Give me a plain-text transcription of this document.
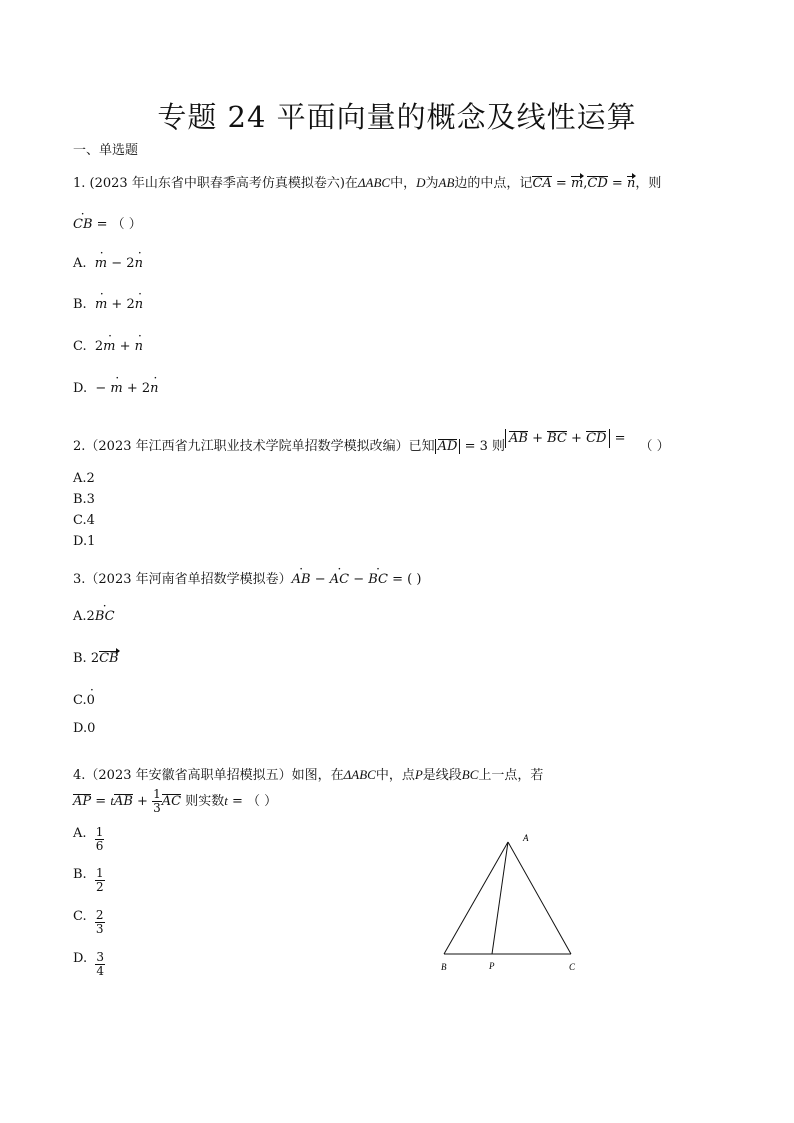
专题 24 平面向量的概念及线性运算
一、单选题
1. (2023 年山东省中职春季高考仿真模拟卷六)在ΔABC中，D为AB边的中点，记CA = m,CD = n，则
· CB = （ ）
A. · m − 2· n
B. · m + 2· n
C. 2· m + · n
D. − · m + 2· n
2.（2023 年江西省九江职业技术学院单招数学模拟改编）已知 AD = 3 则AB + BC + CD =（ ）
A.2
B.3
C.4
D.1
3.（2023 年河南省单招数学模拟卷）· AB − · AC − · BC = ( )
A.2· BC
B. 2CB
C.· 0
D.0
4.（2023 年安徽省高职单招模拟五）如图，在ΔABC中，点P是线段BC上一点，若
AP = tAB + $\frac{1}{3}$ AC 则实数t = （ ）
A. $\frac{1}{6}$
B. $\frac{1}{2}$
C. $\frac{2}{3}$
D. $\frac{3}{4}$
A
B	P	C
